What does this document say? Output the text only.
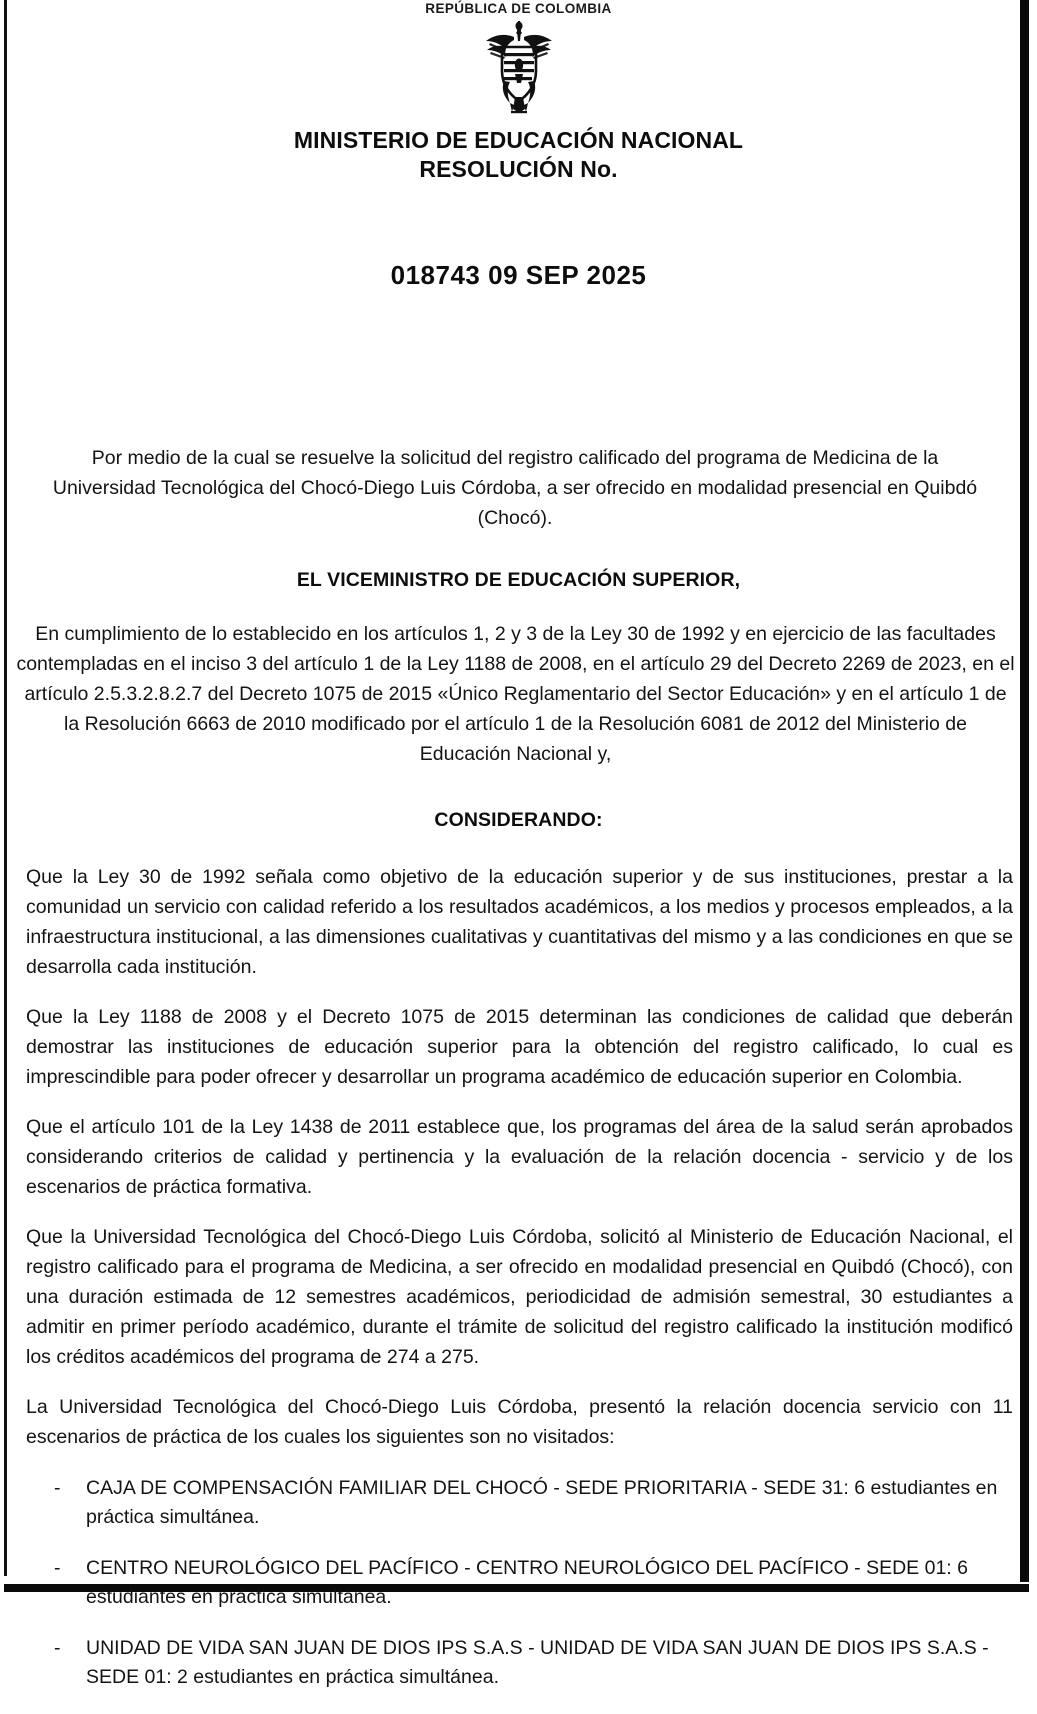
REPÚBLICA DE COLOMBIA
MINISTERIO DE EDUCACIÓN NACIONAL
RESOLUCIÓN No.
018743 09 SEP 2025
Por medio de la cual se resuelve la solicitud del registro calificado del programa de Medicina de la Universidad Tecnológica del Chocó-Diego Luis Córdoba, a ser ofrecido en modalidad presencial en Quibdó (Chocó).
EL VICEMINISTRO DE EDUCACIÓN SUPERIOR,
En cumplimiento de lo establecido en los artículos 1, 2 y 3 de la Ley 30 de 1992 y en ejercicio de las facultades contempladas en el inciso 3 del artículo 1 de la Ley 1188 de 2008, en el artículo 29 del Decreto 2269 de 2023, en el artículo 2.5.3.2.8.2.7 del Decreto 1075 de 2015 «Único Reglamentario del Sector Educación» y en el artículo 1 de la Resolución 6663 de 2010 modificado por el artículo 1 de la Resolución 6081 de 2012 del Ministerio de Educación Nacional y,
CONSIDERANDO:
Que la Ley 30 de 1992 señala como objetivo de la educación superior y de sus instituciones, prestar a la comunidad un servicio con calidad referido a los resultados académicos, a los medios y procesos empleados, a la infraestructura institucional, a las dimensiones cualitativas y cuantitativas del mismo y a las condiciones en que se desarrolla cada institución.
Que la Ley 1188 de 2008 y el Decreto 1075 de 2015 determinan las condiciones de calidad que deberán demostrar las instituciones de educación superior para la obtención del registro calificado, lo cual es imprescindible para poder ofrecer y desarrollar un programa académico de educación superior en Colombia.
Que el artículo 101 de la Ley 1438 de 2011 establece que, los programas del área de la salud serán aprobados considerando criterios de calidad y pertinencia y la evaluación de la relación docencia - servicio y de los escenarios de práctica formativa.
Que la Universidad Tecnológica del Chocó-Diego Luis Córdoba, solicitó al Ministerio de Educación Nacional, el registro calificado para el programa de Medicina, a ser ofrecido en modalidad presencial en Quibdó (Chocó), con una duración estimada de 12 semestres académicos, periodicidad de admisión semestral, 30 estudiantes a admitir en primer período académico, durante el trámite de solicitud del registro calificado la institución modificó los créditos académicos del programa de 274 a 275.
La Universidad Tecnológica del Chocó-Diego Luis Córdoba, presentó la relación docencia servicio con 11 escenarios de práctica de los cuales los siguientes son no visitados:
-	CAJA DE COMPENSACIÓN FAMILIAR DEL CHOCÓ - SEDE PRIORITARIA - SEDE 31: 6 estudiantes en práctica simultánea.
-	CENTRO NEUROLÓGICO DEL PACÍFICO - CENTRO NEUROLÓGICO DEL PACÍFICO - SEDE 01: 6 estudiantes en práctica simultánea.
-	UNIDAD DE VIDA SAN JUAN DE DIOS IPS S.A.S - UNIDAD DE VIDA SAN JUAN DE DIOS IPS S.A.S - SEDE 01: 2 estudiantes en práctica simultánea.
